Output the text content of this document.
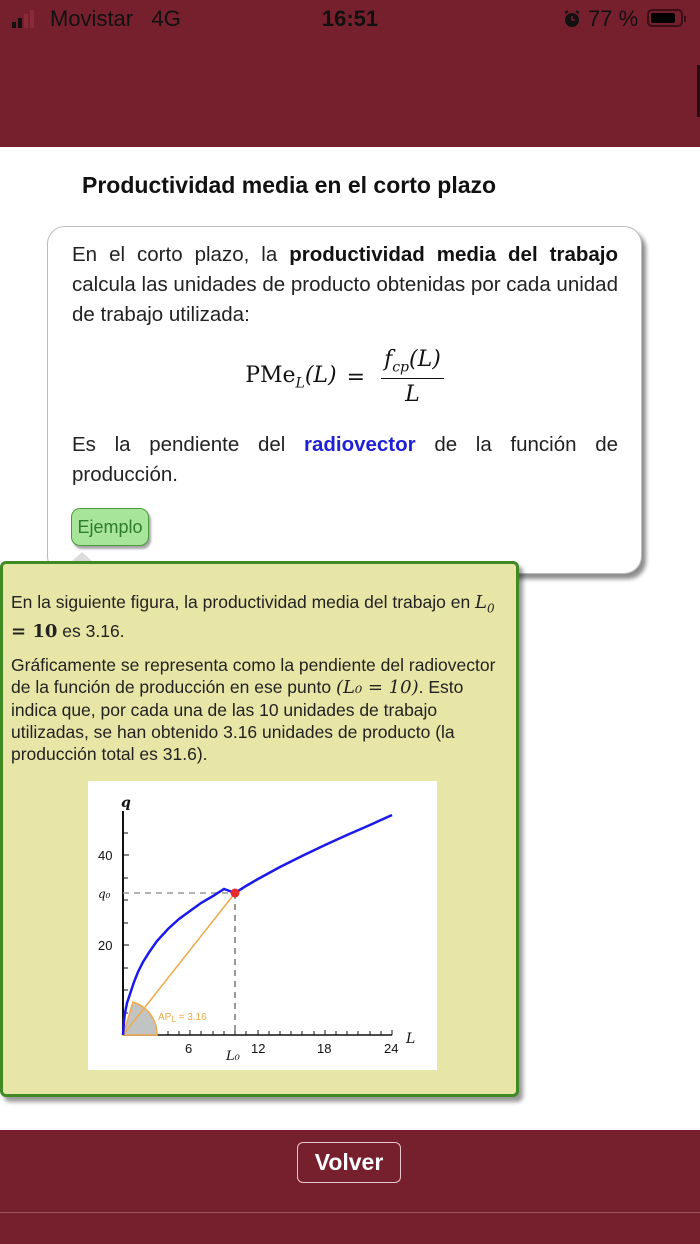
Movistar 4G	16:51	77 %
Productividad media en el corto plazo

En el corto plazo, la productividad media del trabajo calcula las unidades de producto obtenidas por cada unidad de trabajo utilizada:

$PMe_L(L) = \frac{f_{cp}(L)}{L}$

Es la pendiente del radiovector de la función de producción.

Ejemplo

En la siguiente figura, la productividad media del trabajo en $L_0 = 10$ es 3.16.

Gráficamente se representa como la pendiente del radiovector de la función de producción en ese punto (L₀ = 10). Esto indica que, por cada una de las 10 unidades de trabajo utilizadas, se han obtenido 3.16 unidades de producto (la producción total es 31.6).

q
40
20
q₀
6	12	18	24
L₀
L
$AP_L = 3.16$
Volver
